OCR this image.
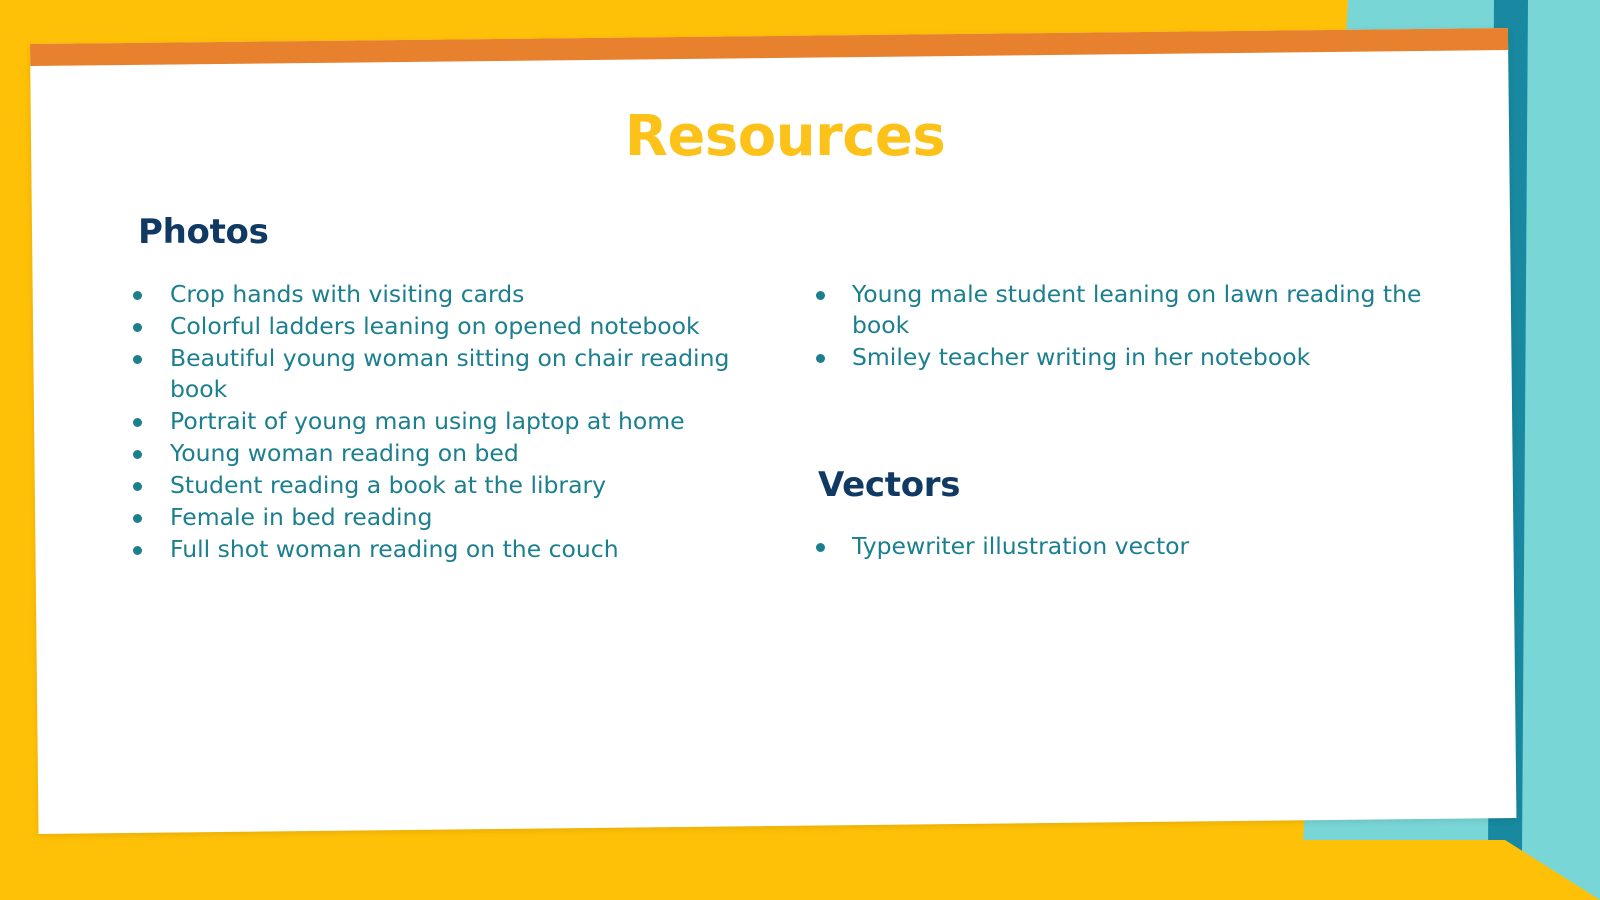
Resources
Photos
Crop hands with visiting cards
Colorful ladders leaning on opened notebook
Beautiful young woman sitting on chair reading book
Portrait of young man using laptop at home
Young woman reading on bed
Student reading a book at the library
Female in bed reading
Full shot woman reading on the couch
Young male student leaning on lawn reading the book
Smiley teacher writing in her notebook
Vectors
Typewriter illustration vector
